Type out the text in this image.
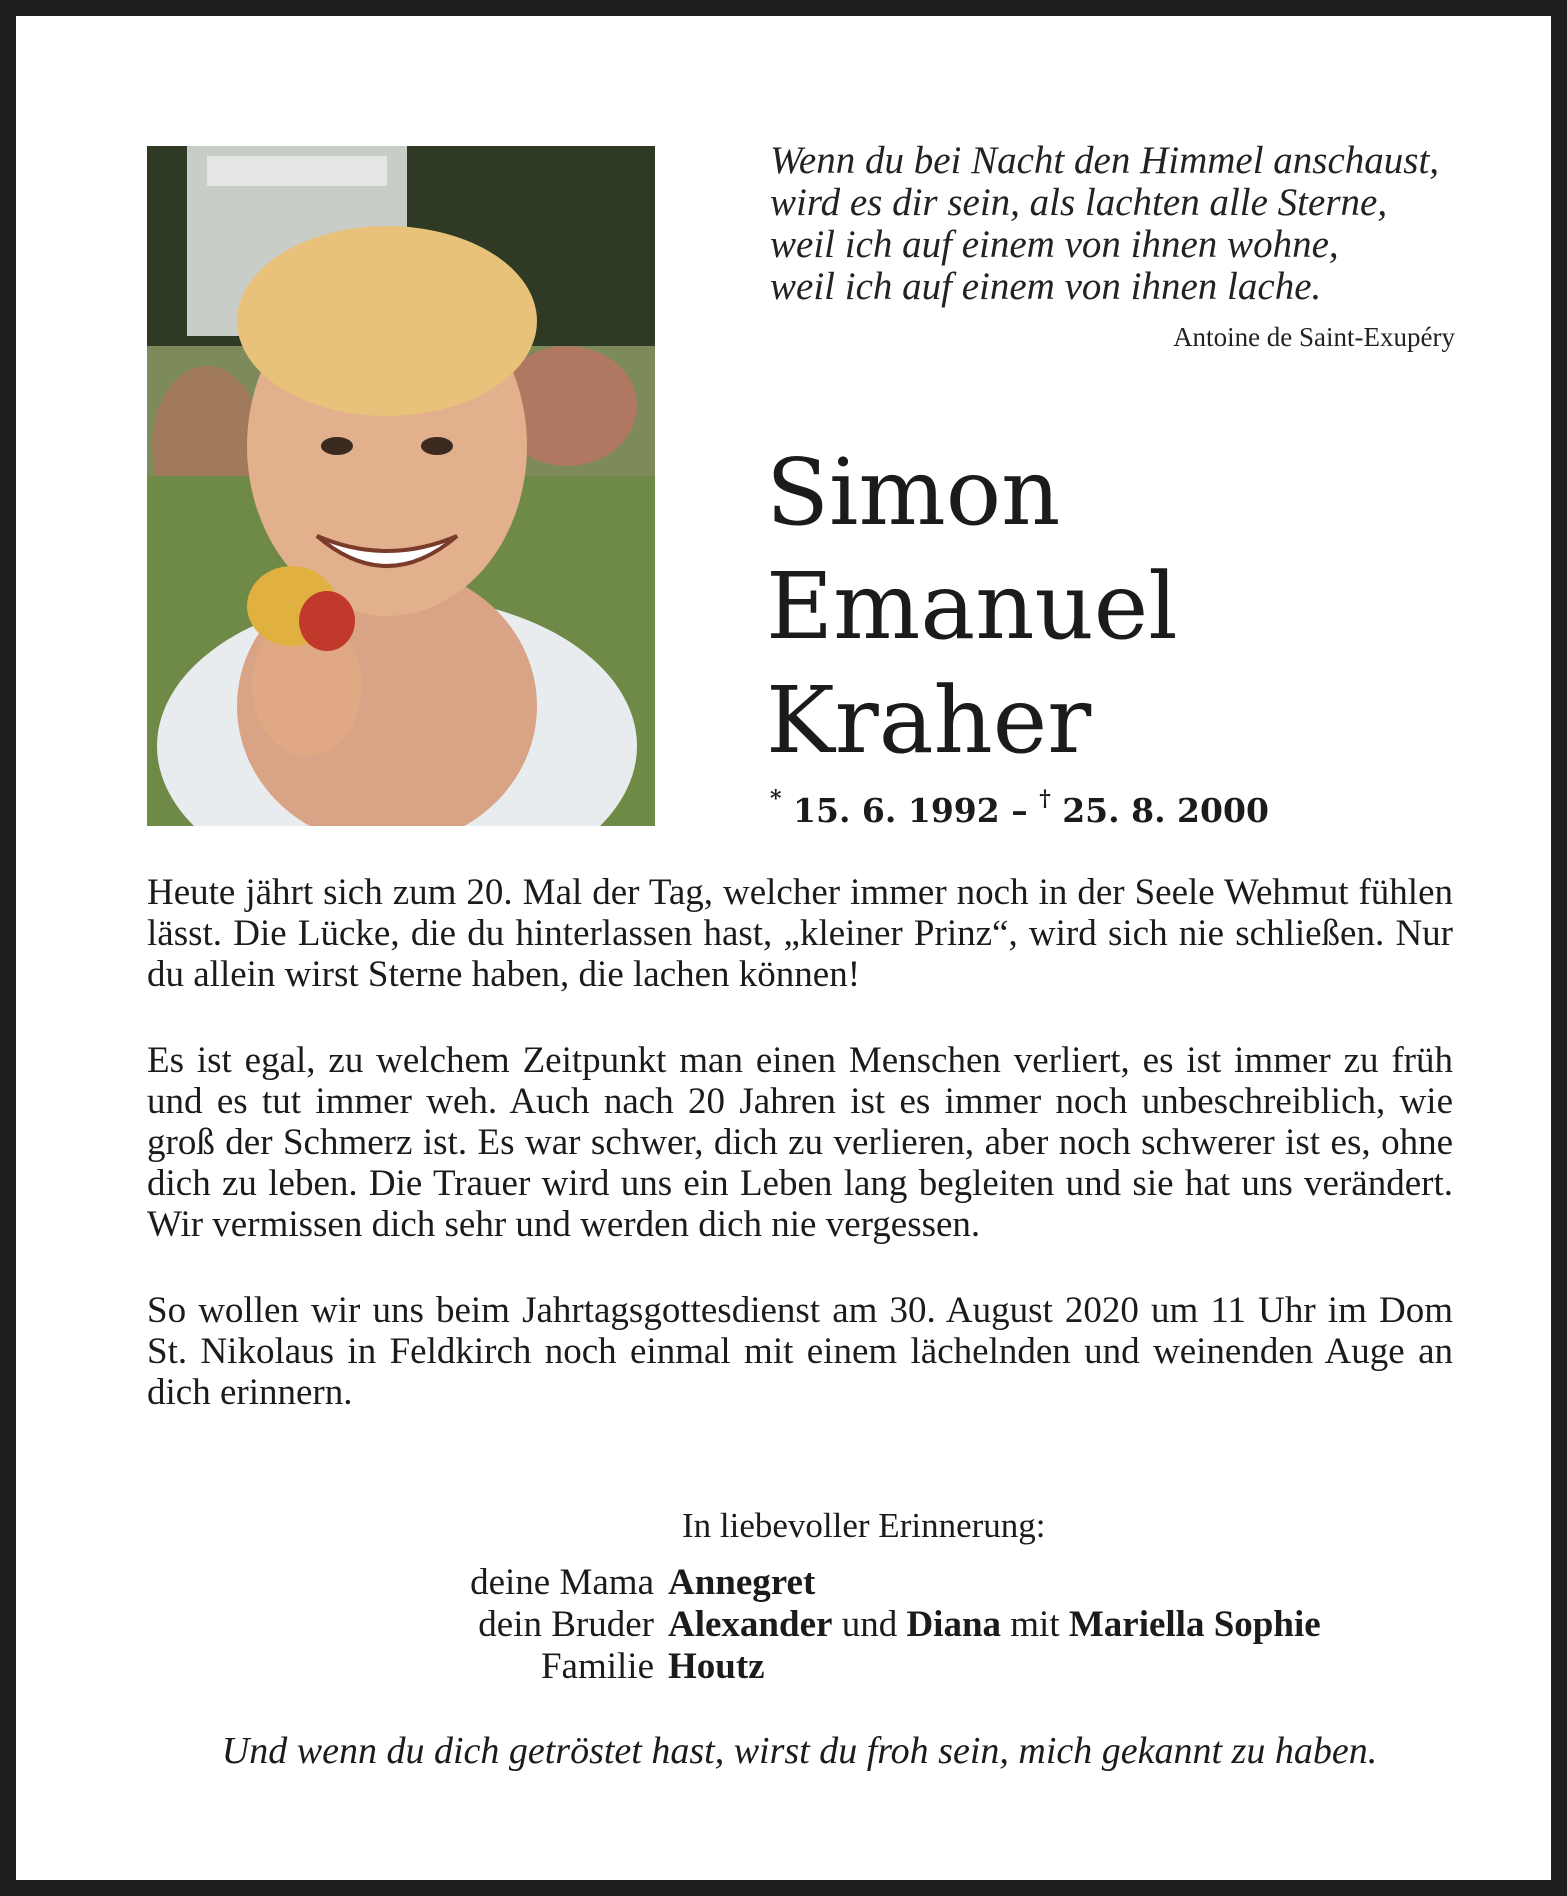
Wenn du bei Nacht den Himmel anschaust,
wird es dir sein, als lachten alle Sterne,
weil ich auf einem von ihnen wohne,
weil ich auf einem von ihnen lache.
Antoine de Saint-Exupéry
Simon
Emanuel
Kraher
* 15. 6. 1992 – † 25. 8. 2000

Heute jährt sich zum 20. Mal der Tag, welcher immer noch in der Seele Wehmut fühlen lässt. Die Lücke, die du hinterlassen hast, „kleiner Prinz“, wird sich nie schließen. Nur du allein wirst Sterne haben, die lachen können!

Es ist egal, zu welchem Zeitpunkt man einen Menschen verliert, es ist immer zu früh und es tut immer weh. Auch nach 20 Jahren ist es immer noch unbeschreiblich, wie groß der Schmerz ist. Es war schwer, dich zu verlieren, aber noch schwerer ist es, ohne dich zu leben. Die Trauer wird uns ein Leben lang begleiten und sie hat uns verändert. Wir vermissen dich sehr und werden dich nie vergessen.

So wollen wir uns beim Jahrtagsgottesdienst am 30. August 2020 um 11 Uhr im Dom St. Nikolaus in Feldkirch noch einmal mit einem lächelnden und weinenden Auge an dich erinnern.

In liebevoller Erinnerung:
deine Mama Annegret
dein Bruder Alexander und Diana mit Mariella Sophie
Familie Houtz
Und wenn du dich getröstet hast, wirst du froh sein, mich gekannt zu haben.
